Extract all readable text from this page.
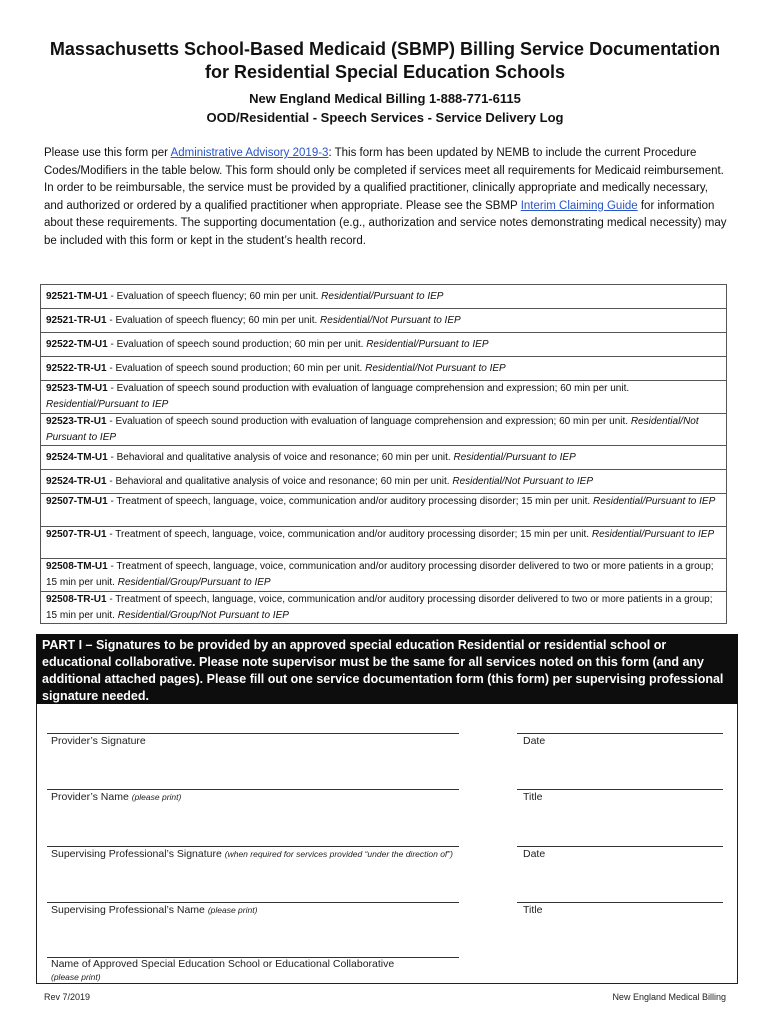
Massachusetts School-Based Medicaid (SBMP) Billing Service Documentation
for Residential Special Education Schools
New England Medical Billing 1-888-771-6115
OOD/Residential - Speech Services - Service Delivery Log
Please use this form per Administrative Advisory 2019-3: This form has been updated by NEMB to include the current Procedure Codes/Modifiers in the table below. This form should only be completed if services meet all requirements for Medicaid reimbursement. In order to be reimbursable, the service must be provided by a qualified practitioner, clinically appropriate and medically necessary, and authorized or ordered by a qualified practitioner when appropriate. Please see the SBMP Interim Claiming Guide for information about these requirements. The supporting documentation (e.g., authorization and service notes demonstrating medical necessity) may be included with this form or kept in the student’s health record.
92521-TM-U1 - Evaluation of speech fluency; 60 min per unit. Residential/Pursuant to IEP
92521-TR-U1 - Evaluation of speech fluency; 60 min per unit. Residential/Not Pursuant to IEP
92522-TM-U1 - Evaluation of speech sound production; 60 min per unit. Residential/Pursuant to IEP
92522-TR-U1 - Evaluation of speech sound production; 60 min per unit. Residential/Not Pursuant to IEP
92523-TM-U1 - Evaluation of speech sound production with evaluation of language comprehension and expression; 60 min per unit. Residential/Pursuant to IEP
92523-TR-U1 - Evaluation of speech sound production with evaluation of language comprehension and expression; 60 min per unit. Residential/Not Pursuant to IEP
92524-TM-U1 - Behavioral and qualitative analysis of voice and resonance; 60 min per unit. Residential/Pursuant to IEP
92524-TR-U1 - Behavioral and qualitative analysis of voice and resonance; 60 min per unit. Residential/Not Pursuant to IEP
92507-TM-U1 - Treatment of speech, language, voice, communication and/or auditory processing disorder; 15 min per unit. Residential/Pursuant to IEP
92507-TR-U1 - Treatment of speech, language, voice, communication and/or auditory processing disorder; 15 min per unit. Residential/Pursuant to IEP
92508-TM-U1 - Treatment of speech, language, voice, communication and/or auditory processing disorder delivered to two or more patients in a group; 15 min per unit. Residential/Group/Pursuant to IEP
92508-TR-U1 - Treatment of speech, language, voice, communication and/or auditory processing disorder delivered to two or more patients in a group; 15 min per unit. Residential/Group/Not Pursuant to IEP
PART I – Signatures to be provided by an approved special education Residential or residential school or educational collaborative. Please note supervisor must be the same for all services noted on this form (and any additional attached pages). Please fill out one service documentation form (this form) per supervising professional signature needed.
Provider’s Signature	Date
Provider’s Name (please print)	Title
Supervising Professional’s Signature (when required for services provided “under the direction of”)	Date
Supervising Professional’s Name (please print)	Title
Name of Approved Special Education School or Educational Collaborative
(please print)
Rev 7/2019	New England Medical Billing
